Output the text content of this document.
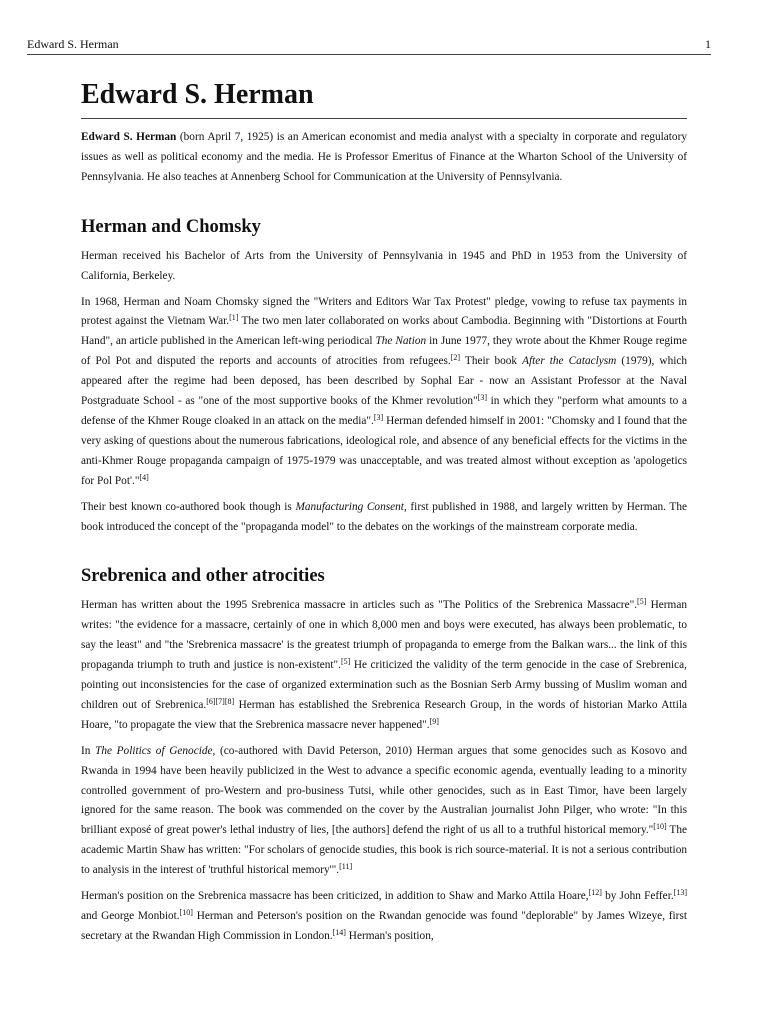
Edward S. Herman	1
Edward S. Herman

Edward S. Herman (born April 7, 1925) is an American economist and media analyst with a specialty in corporate and regulatory issues as well as political economy and the media. He is Professor Emeritus of Finance at the Wharton School of the University of Pennsylvania. He also teaches at Annenberg School for Communication at the University of Pennsylvania.

Herman and Chomsky

Herman received his Bachelor of Arts from the University of Pennsylvania in 1945 and PhD in 1953 from the University of California, Berkeley.

In 1968, Herman and Noam Chomsky signed the "Writers and Editors War Tax Protest" pledge, vowing to refuse tax payments in protest against the Vietnam War.[1] The two men later collaborated on works about Cambodia. Beginning with "Distortions at Fourth Hand", an article published in the American left-wing periodical The Nation in June 1977, they wrote about the Khmer Rouge regime of Pol Pot and disputed the reports and accounts of atrocities from refugees.[2] Their book After the Cataclysm (1979), which appeared after the regime had been deposed, has been described by Sophal Ear - now an Assistant Professor at the Naval Postgraduate School - as "one of the most supportive books of the Khmer revolution"[3] in which they "perform what amounts to a defense of the Khmer Rouge cloaked in an attack on the media".[3] Herman defended himself in 2001: "Chomsky and I found that the very asking of questions about the numerous fabrications, ideological role, and absence of any beneficial effects for the victims in the anti-Khmer Rouge propaganda campaign of 1975-1979 was unacceptable, and was treated almost without exception as 'apologetics for Pol Pot'."[4]

Their best known co-authored book though is Manufacturing Consent, first published in 1988, and largely written by Herman. The book introduced the concept of the "propaganda model" to the debates on the workings of the mainstream corporate media.

Srebrenica and other atrocities

Herman has written about the 1995 Srebrenica massacre in articles such as "The Politics of the Srebrenica Massacre".[5] Herman writes: "the evidence for a massacre, certainly of one in which 8,000 men and boys were executed, has always been problematic, to say the least" and "the 'Srebrenica massacre' is the greatest triumph of propaganda to emerge from the Balkan wars... the link of this propaganda triumph to truth and justice is non-existent".[5] He criticized the validity of the term genocide in the case of Srebrenica, pointing out inconsistencies for the case of organized extermination such as the Bosnian Serb Army bussing of Muslim woman and children out of Srebrenica.[6][7][8] Herman has established the Srebrenica Research Group, in the words of historian Marko Attila Hoare, "to propagate the view that the Srebrenica massacre never happened".[9]

In The Politics of Genocide, (co-authored with David Peterson, 2010) Herman argues that some genocides such as Kosovo and Rwanda in 1994 have been heavily publicized in the West to advance a specific economic agenda, eventually leading to a minority controlled government of pro-Western and pro-business Tutsi, while other genocides, such as in East Timor, have been largely ignored for the same reason. The book was commended on the cover by the Australian journalist John Pilger, who wrote: "In this brilliant exposé of great power's lethal industry of lies, [the authors] defend the right of us all to a truthful historical memory."[10] The academic Martin Shaw has written: "For scholars of genocide studies, this book is rich source-material. It is not a serious contribution to analysis in the interest of 'truthful historical memory'".[11]

Herman's position on the Srebrenica massacre has been criticized, in addition to Shaw and Marko Attila Hoare,[12] by John Feffer.[13] and George Monbiot.[10] Herman and Peterson's position on the Rwandan genocide was found "deplorable" by James Wizeye, first secretary at the Rwandan High Commission in London.[14] Herman's position,
